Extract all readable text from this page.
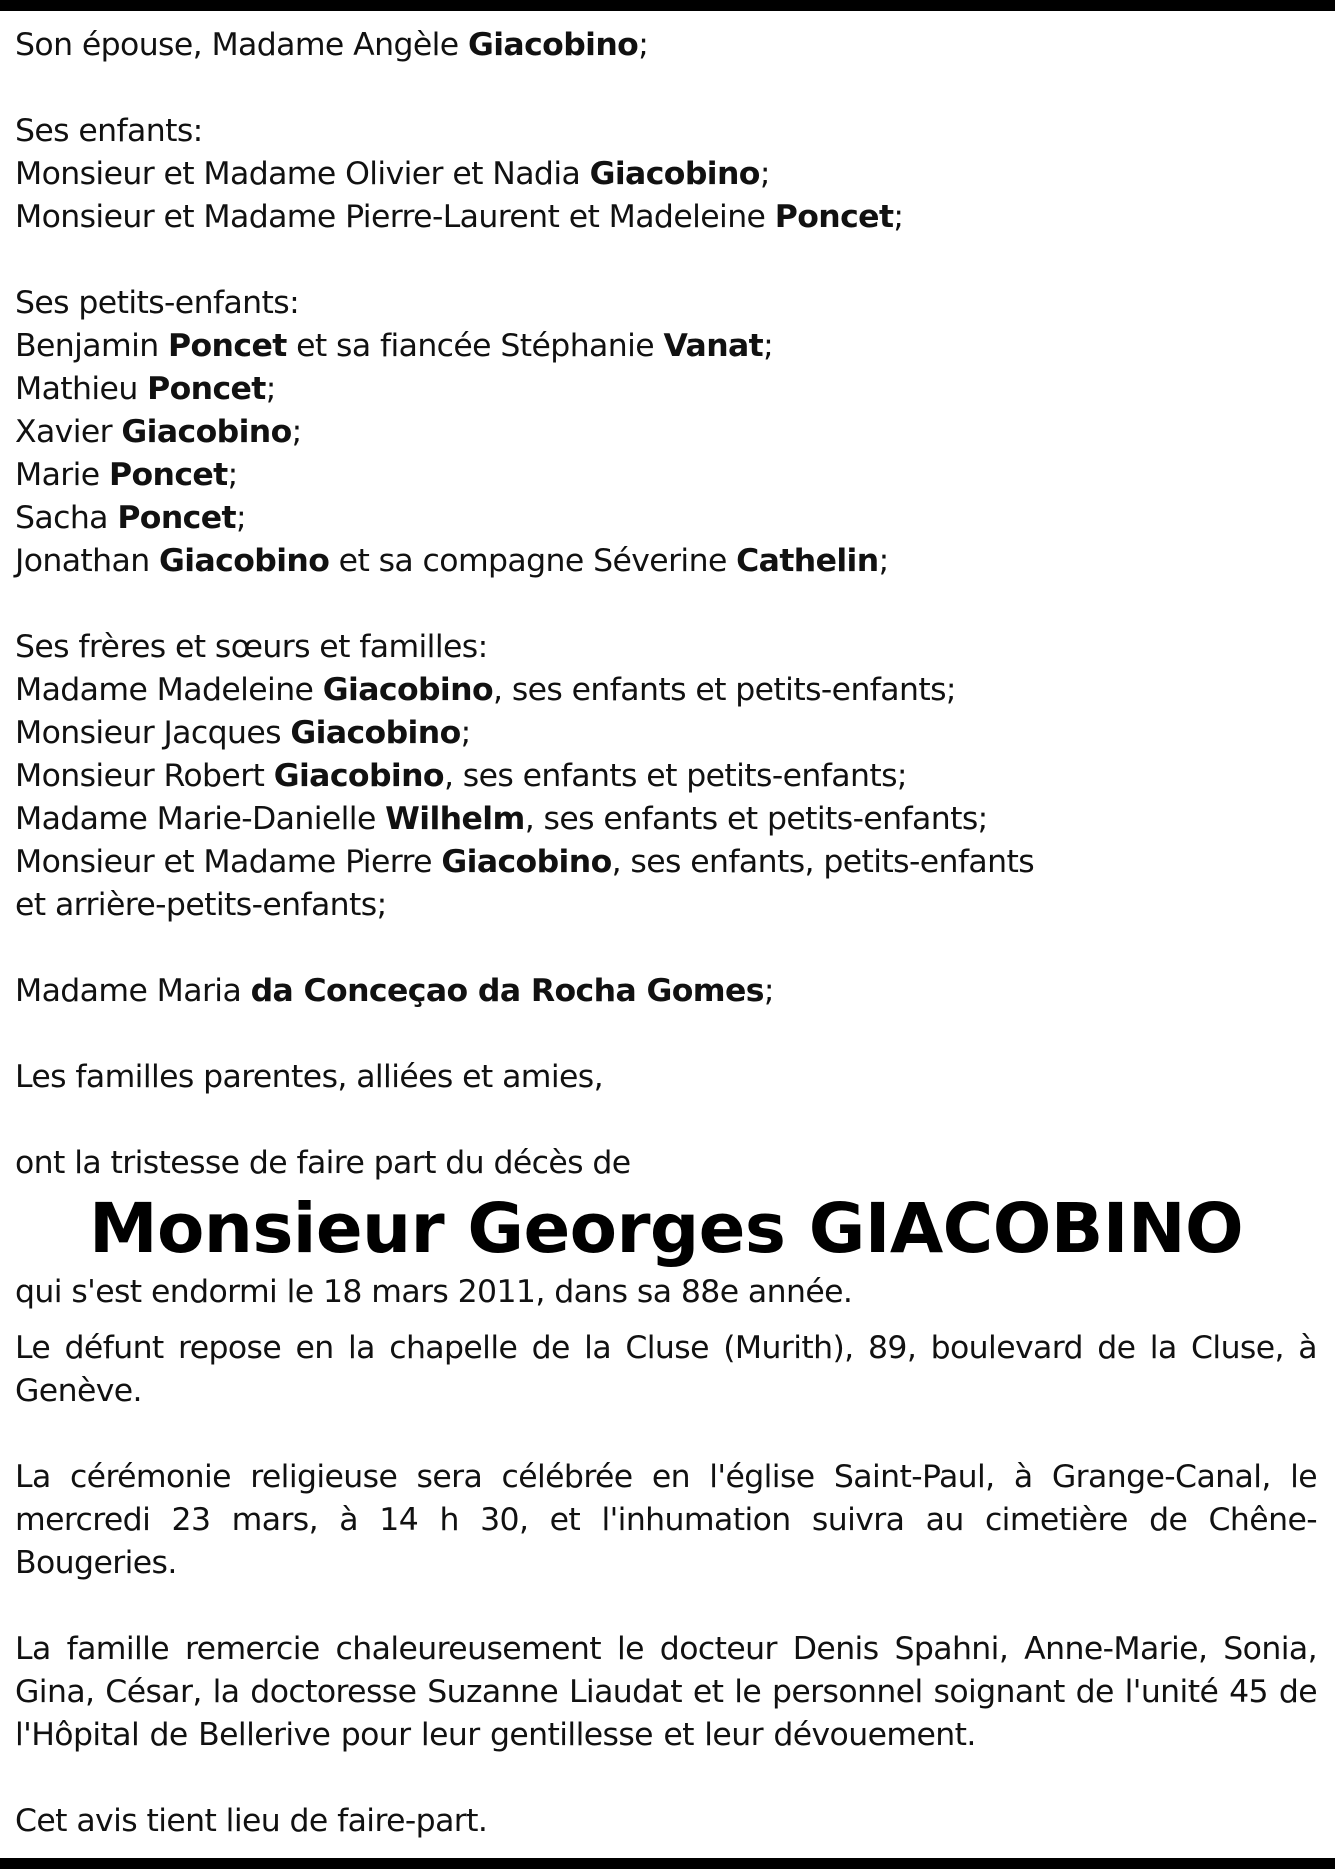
Son épouse, Madame Angèle Giacobino;
Ses enfants:
Monsieur et Madame Olivier et Nadia Giacobino;
Monsieur et Madame Pierre-Laurent et Madeleine Poncet;
Ses petits-enfants:
Benjamin Poncet et sa fiancée Stéphanie Vanat;
Mathieu Poncet;
Xavier Giacobino;
Marie Poncet;
Sacha Poncet;
Jonathan Giacobino et sa compagne Séverine Cathelin;
Ses frères et sœurs et familles:
Madame Madeleine Giacobino, ses enfants et petits-enfants;
Monsieur Jacques Giacobino;
Monsieur Robert Giacobino, ses enfants et petits-enfants;
Madame Marie-Danielle Wilhelm, ses enfants et petits-enfants;
Monsieur et Madame Pierre Giacobino, ses enfants, petits-enfants
et arrière-petits-enfants;
Madame Maria da Conceçao da Rocha Gomes;
Les familles parentes, alliées et amies,
ont la tristesse de faire part du décès de
Monsieur Georges GIACOBINO
qui s'est endormi le 18 mars 2011, dans sa 88e année.

Le défunt repose en la chapelle de la Cluse (Murith), 89, boulevard de la Cluse, à Genève.

La cérémonie religieuse sera célébrée en l'église Saint-Paul, à Grange-Canal, le mercredi 23 mars, à 14 h 30, et l'inhumation suivra au cimetière de Chêne-Bougeries.

La famille remercie chaleureusement le docteur Denis Spahni, Anne-Marie, Sonia, Gina, César, la doctoresse Suzanne Liaudat et le personnel soignant de l'unité 45 de l'Hôpital de Bellerive pour leur gentillesse et leur dévouement.

Cet avis tient lieu de faire-part.
